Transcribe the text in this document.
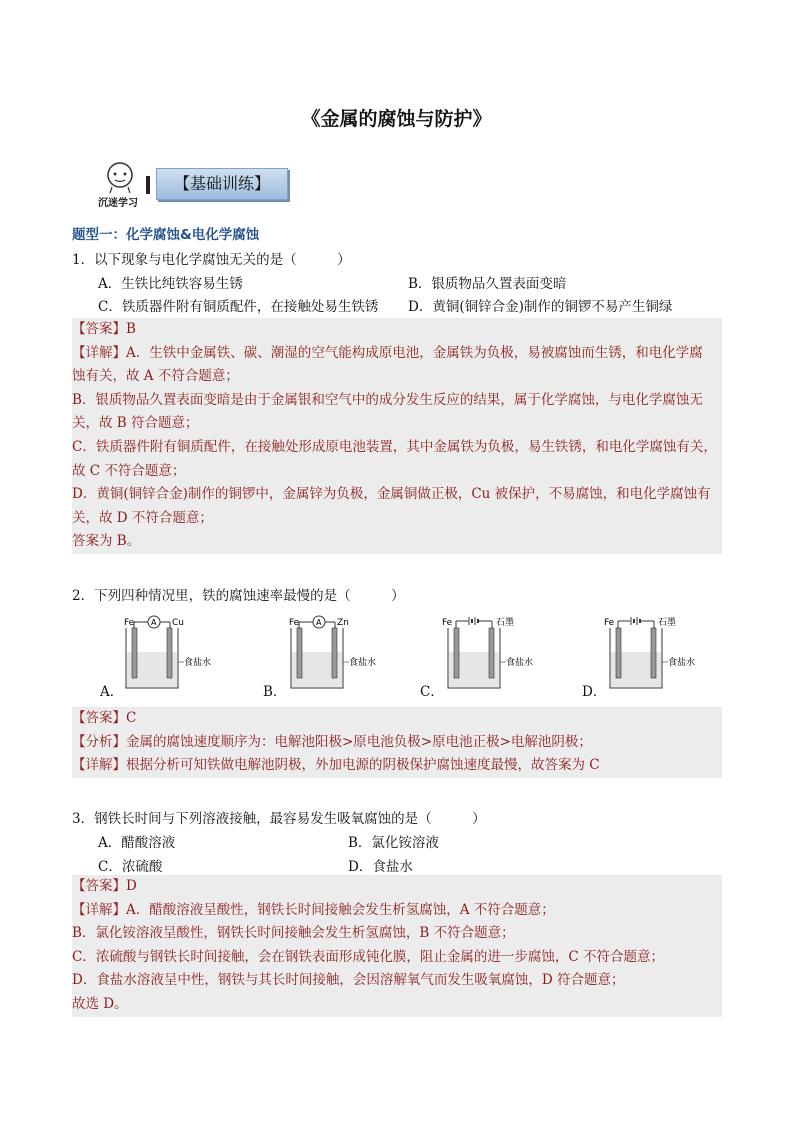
《金属的腐蚀与防护》
沉迷学习
【基础训练】
题型一：化学腐蚀&电化学腐蚀
1．以下现象与电化学腐蚀无关的是（　　　）
A．生铁比纯铁容易生锈	B．银质物品久置表面变暗
C．铁质器件附有铜质配件，在接触处易生铁锈 D．黄铜(铜锌合金)制作的铜锣不易产生铜绿
【答案】B
【详解】A．生铁中金属铁、碳、潮湿的空气能构成原电池，金属铁为负极，易被腐蚀而生锈，和电化学腐
蚀有关，故 A 不符合题意；
B．银质物品久置表面变暗是由于金属银和空气中的成分发生反应的结果，属于化学腐蚀，与电化学腐蚀无
关，故 B 符合题意；
C．铁质器件附有铜质配件，在接触处形成原电池装置，其中金属铁为负极，易生铁锈，和电化学腐蚀有关，
故 C 不符合题意；
D．黄铜(铜锌合金)制作的铜锣中，金属锌为负极，金属铜做正极，Cu 被保护，不易腐蚀，和电化学腐蚀有
关，故 D 不符合题意；
答案为 B。
2．下列四种情况里，铁的腐蚀速率最慢的是（　　　）
Fe	Cu
A
食盐水
A．
Fe	Zn
A
食盐水
B．
Fe	石墨
食盐水
C．
Fe	石墨
食盐水
D．
【答案】C
【分析】金属的腐蚀速度顺序为：电解池阳极>原电池负极>原电池正极>电解池阴极；
【详解】根据分析可知铁做电解池阴极，外加电源的阴极保护腐蚀速度最慢，故答案为 C
3．钢铁长时间与下列溶液接触，最容易发生吸氧腐蚀的是（　　　）
A．醋酸溶液	B．氯化铵溶液
C．浓硫酸	D．食盐水
【答案】D
【详解】A．醋酸溶液呈酸性，钢铁长时间接触会发生析氢腐蚀，A 不符合题意；
B．氯化铵溶液呈酸性，钢铁长时间接触会发生析氢腐蚀，B 不符合题意；
C．浓硫酸与钢铁长时间接触，会在钢铁表面形成钝化膜，阻止金属的进一步腐蚀，C 不符合题意；
D．食盐水溶液呈中性，钢铁与其长时间接触，会因溶解氧气而发生吸氧腐蚀，D 符合题意；
故选 D。
